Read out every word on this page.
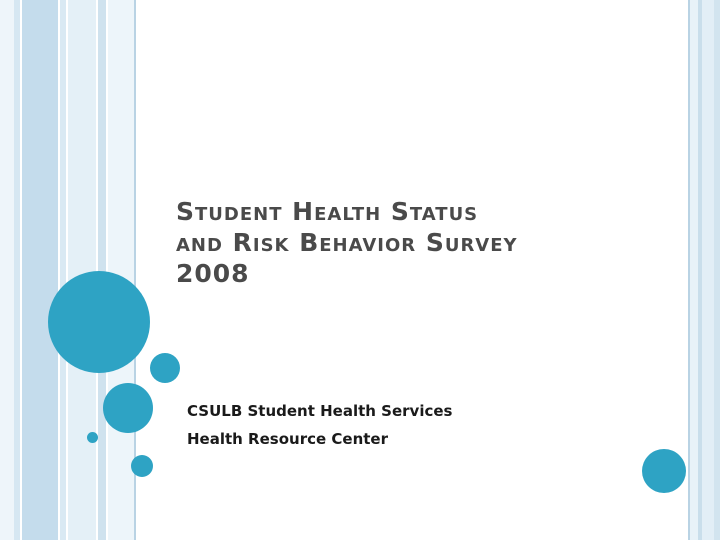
Student Health Status
and Risk Behavior Survey
2008
CSULB Student Health Services
Health Resource Center
